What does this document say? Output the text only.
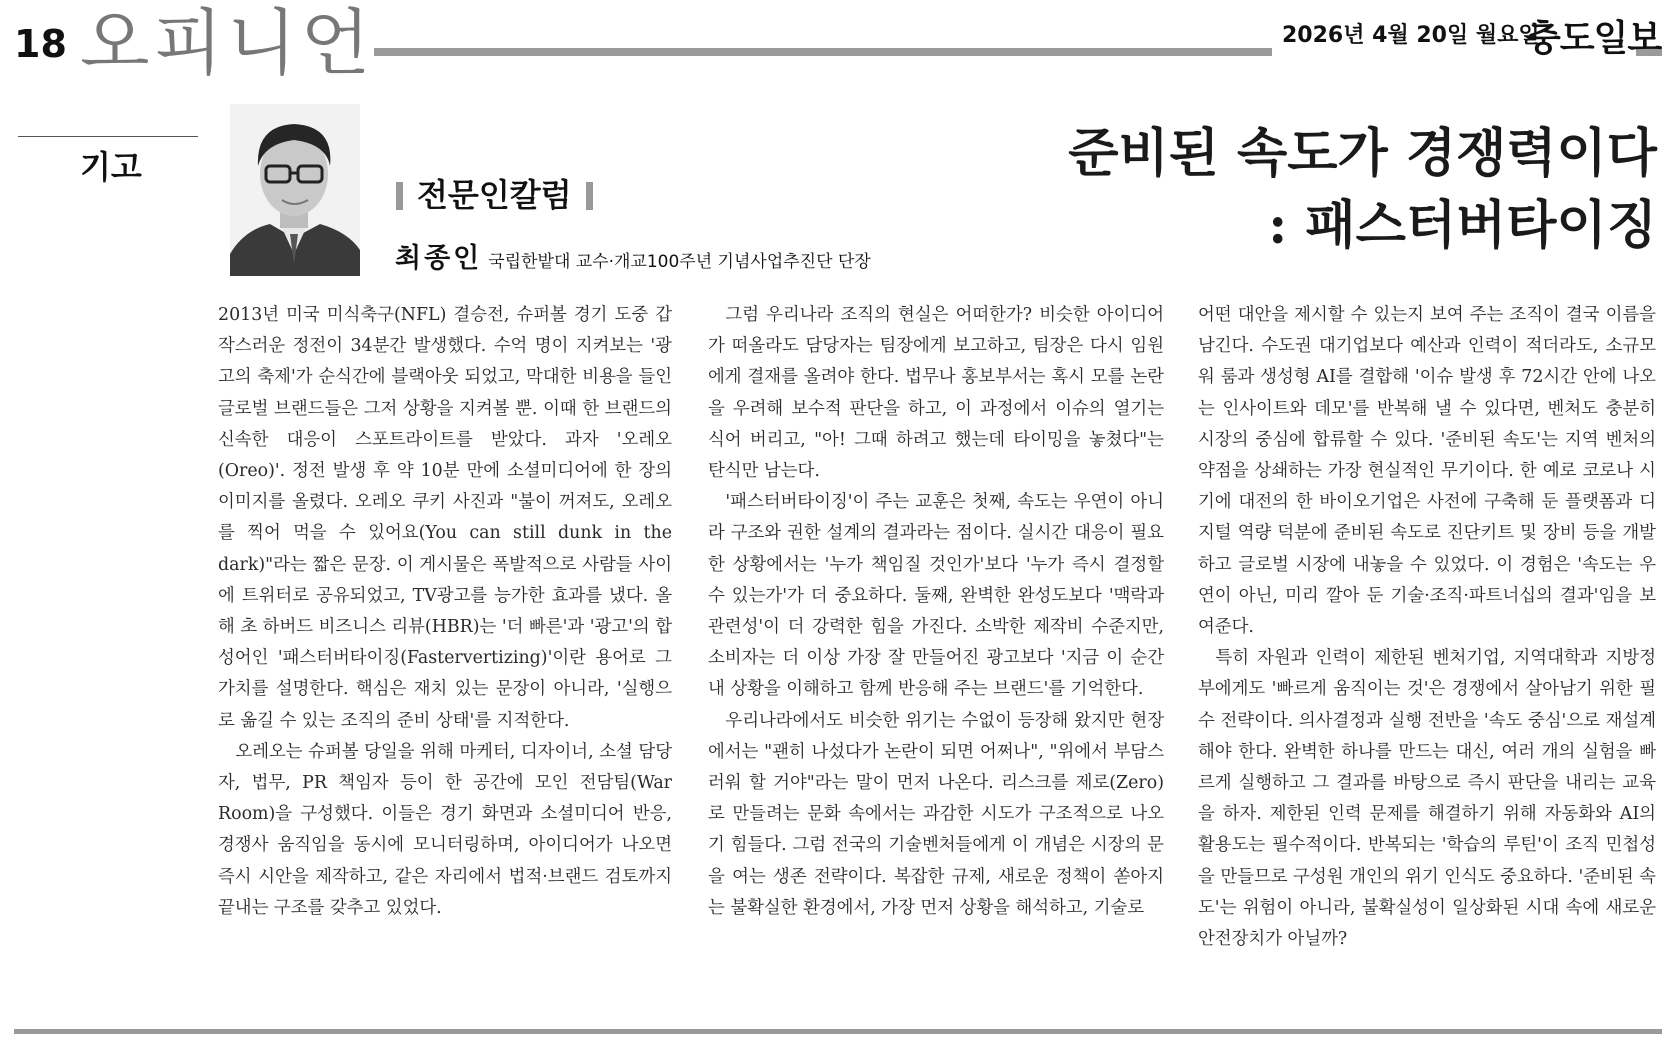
18 오피니언	2026년 4월 20일 월요일
충도일보
기고
전문인칼럼
최종인 국립한밭대 교수·개교100주년 기념사업추진단 단장
준비된 속도가 경쟁력이다
: 패스터버타이징

2013년 미국 미식축구(NFL) 결승전, 슈퍼볼 경기 도중 갑작스러운 정전이 34분간 발생했다. 수억 명이 지켜보는 '광고의 축제'가 순식간에 블랙아웃 되었고, 막대한 비용을 들인 글로벌 브랜드들은 그저 상황을 지켜볼 뿐. 이때 한 브랜드의 신속한 대응이 스포트라이트를 받았다. 과자 '오레오(Oreo)'. 정전 발생 후 약 10분 만에 소셜미디어에 한 장의 이미지를 올렸다. 오레오 쿠키 사진과 "불이 꺼져도, 오레오를 찍어 먹을 수 있어요(You can still dunk in the dark)"라는 짧은 문장. 이 게시물은 폭발적으로 사람들 사이에 트위터로 공유되었고, TV광고를 능가한 효과를 냈다. 올해 초 하버드 비즈니스 리뷰(HBR)는 '더 빠른'과 '광고'의 합성어인 '패스터버타이징(Fastervertizing)'이란 용어로 그 가치를 설명한다. 핵심은 재치 있는 문장이 아니라, '실행으로 옮길 수 있는 조직의 준비 상태'를 지적한다.

오레오는 슈퍼볼 당일을 위해 마케터, 디자이너, 소셜 담당자, 법무, PR 책임자 등이 한 공간에 모인 전담팀(War Room)을 구성했다. 이들은 경기 화면과 소셜미디어 반응, 경쟁사 움직임을 동시에 모니터링하며, 아이디어가 나오면 즉시 시안을 제작하고, 같은 자리에서 법적·브랜드 검토까지 끝내는 구조를 갖추고 있었다.

그럼 우리나라 조직의 현실은 어떠한가? 비슷한 아이디어가 떠올라도 담당자는 팀장에게 보고하고, 팀장은 다시 임원에게 결재를 올려야 한다. 법무나 홍보부서는 혹시 모를 논란을 우려해 보수적 판단을 하고, 이 과정에서 이슈의 열기는 식어 버리고, "아! 그때 하려고 했는데 타이밍을 놓쳤다"는 탄식만 남는다.

'패스터버타이징'이 주는 교훈은 첫째, 속도는 우연이 아니라 구조와 권한 설계의 결과라는 점이다. 실시간 대응이 필요한 상황에서는 '누가 책임질 것인가'보다 '누가 즉시 결정할 수 있는가'가 더 중요하다. 둘째, 완벽한 완성도보다 '맥락과 관련성'이 더 강력한 힘을 가진다. 소박한 제작비 수준지만, 소비자는 더 이상 가장 잘 만들어진 광고보다 '지금 이 순간 내 상황을 이해하고 함께 반응해 주는 브랜드'를 기억한다.

우리나라에서도 비슷한 위기는 수없이 등장해 왔지만 현장에서는 "괜히 나섰다가 논란이 되면 어쩌나", "위에서 부담스러워 할 거야"라는 말이 먼저 나온다. 리스크를 제로(Zero)로 만들려는 문화 속에서는 과감한 시도가 구조적으로 나오기 힘들다. 그럼 전국의 기술벤처들에게 이 개념은 시장의 문을 여는 생존 전략이다. 복잡한 규제, 새로운 정책이 쏟아지는 불확실한 환경에서, 가장 먼저 상황을 해석하고, 기술로

어떤 대안을 제시할 수 있는지 보여 주는 조직이 결국 이름을 남긴다. 수도권 대기업보다 예산과 인력이 적더라도, 소규모 워 룸과 생성형 AI를 결합해 '이슈 발생 후 72시간 안에 나오는 인사이트와 데모'를 반복해 낼 수 있다면, 벤처도 충분히 시장의 중심에 합류할 수 있다. '준비된 속도'는 지역 벤처의 약점을 상쇄하는 가장 현실적인 무기이다. 한 예로 코로나 시기에 대전의 한 바이오기업은 사전에 구축해 둔 플랫폼과 디지털 역량 덕분에 준비된 속도로 진단키트 및 장비 등을 개발하고 글로벌 시장에 내놓을 수 있었다. 이 경험은 '속도는 우연이 아닌, 미리 깔아 둔 기술·조직·파트너십의 결과'임을 보여준다.

특히 자원과 인력이 제한된 벤처기업, 지역대학과 지방정부에게도 '빠르게 움직이는 것'은 경쟁에서 살아남기 위한 필수 전략이다. 의사결정과 실행 전반을 '속도 중심'으로 재설계해야 한다. 완벽한 하나를 만드는 대신, 여러 개의 실험을 빠르게 실행하고 그 결과를 바탕으로 즉시 판단을 내리는 교육을 하자. 제한된 인력 문제를 해결하기 위해 자동화와 AI의 활용도는 필수적이다. 반복되는 '학습의 루틴'이 조직 민첩성을 만들므로 구성원 개인의 위기 인식도 중요하다. '준비된 속도'는 위험이 아니라, 불확실성이 일상화된 시대 속에 새로운 안전장치가 아닐까?
